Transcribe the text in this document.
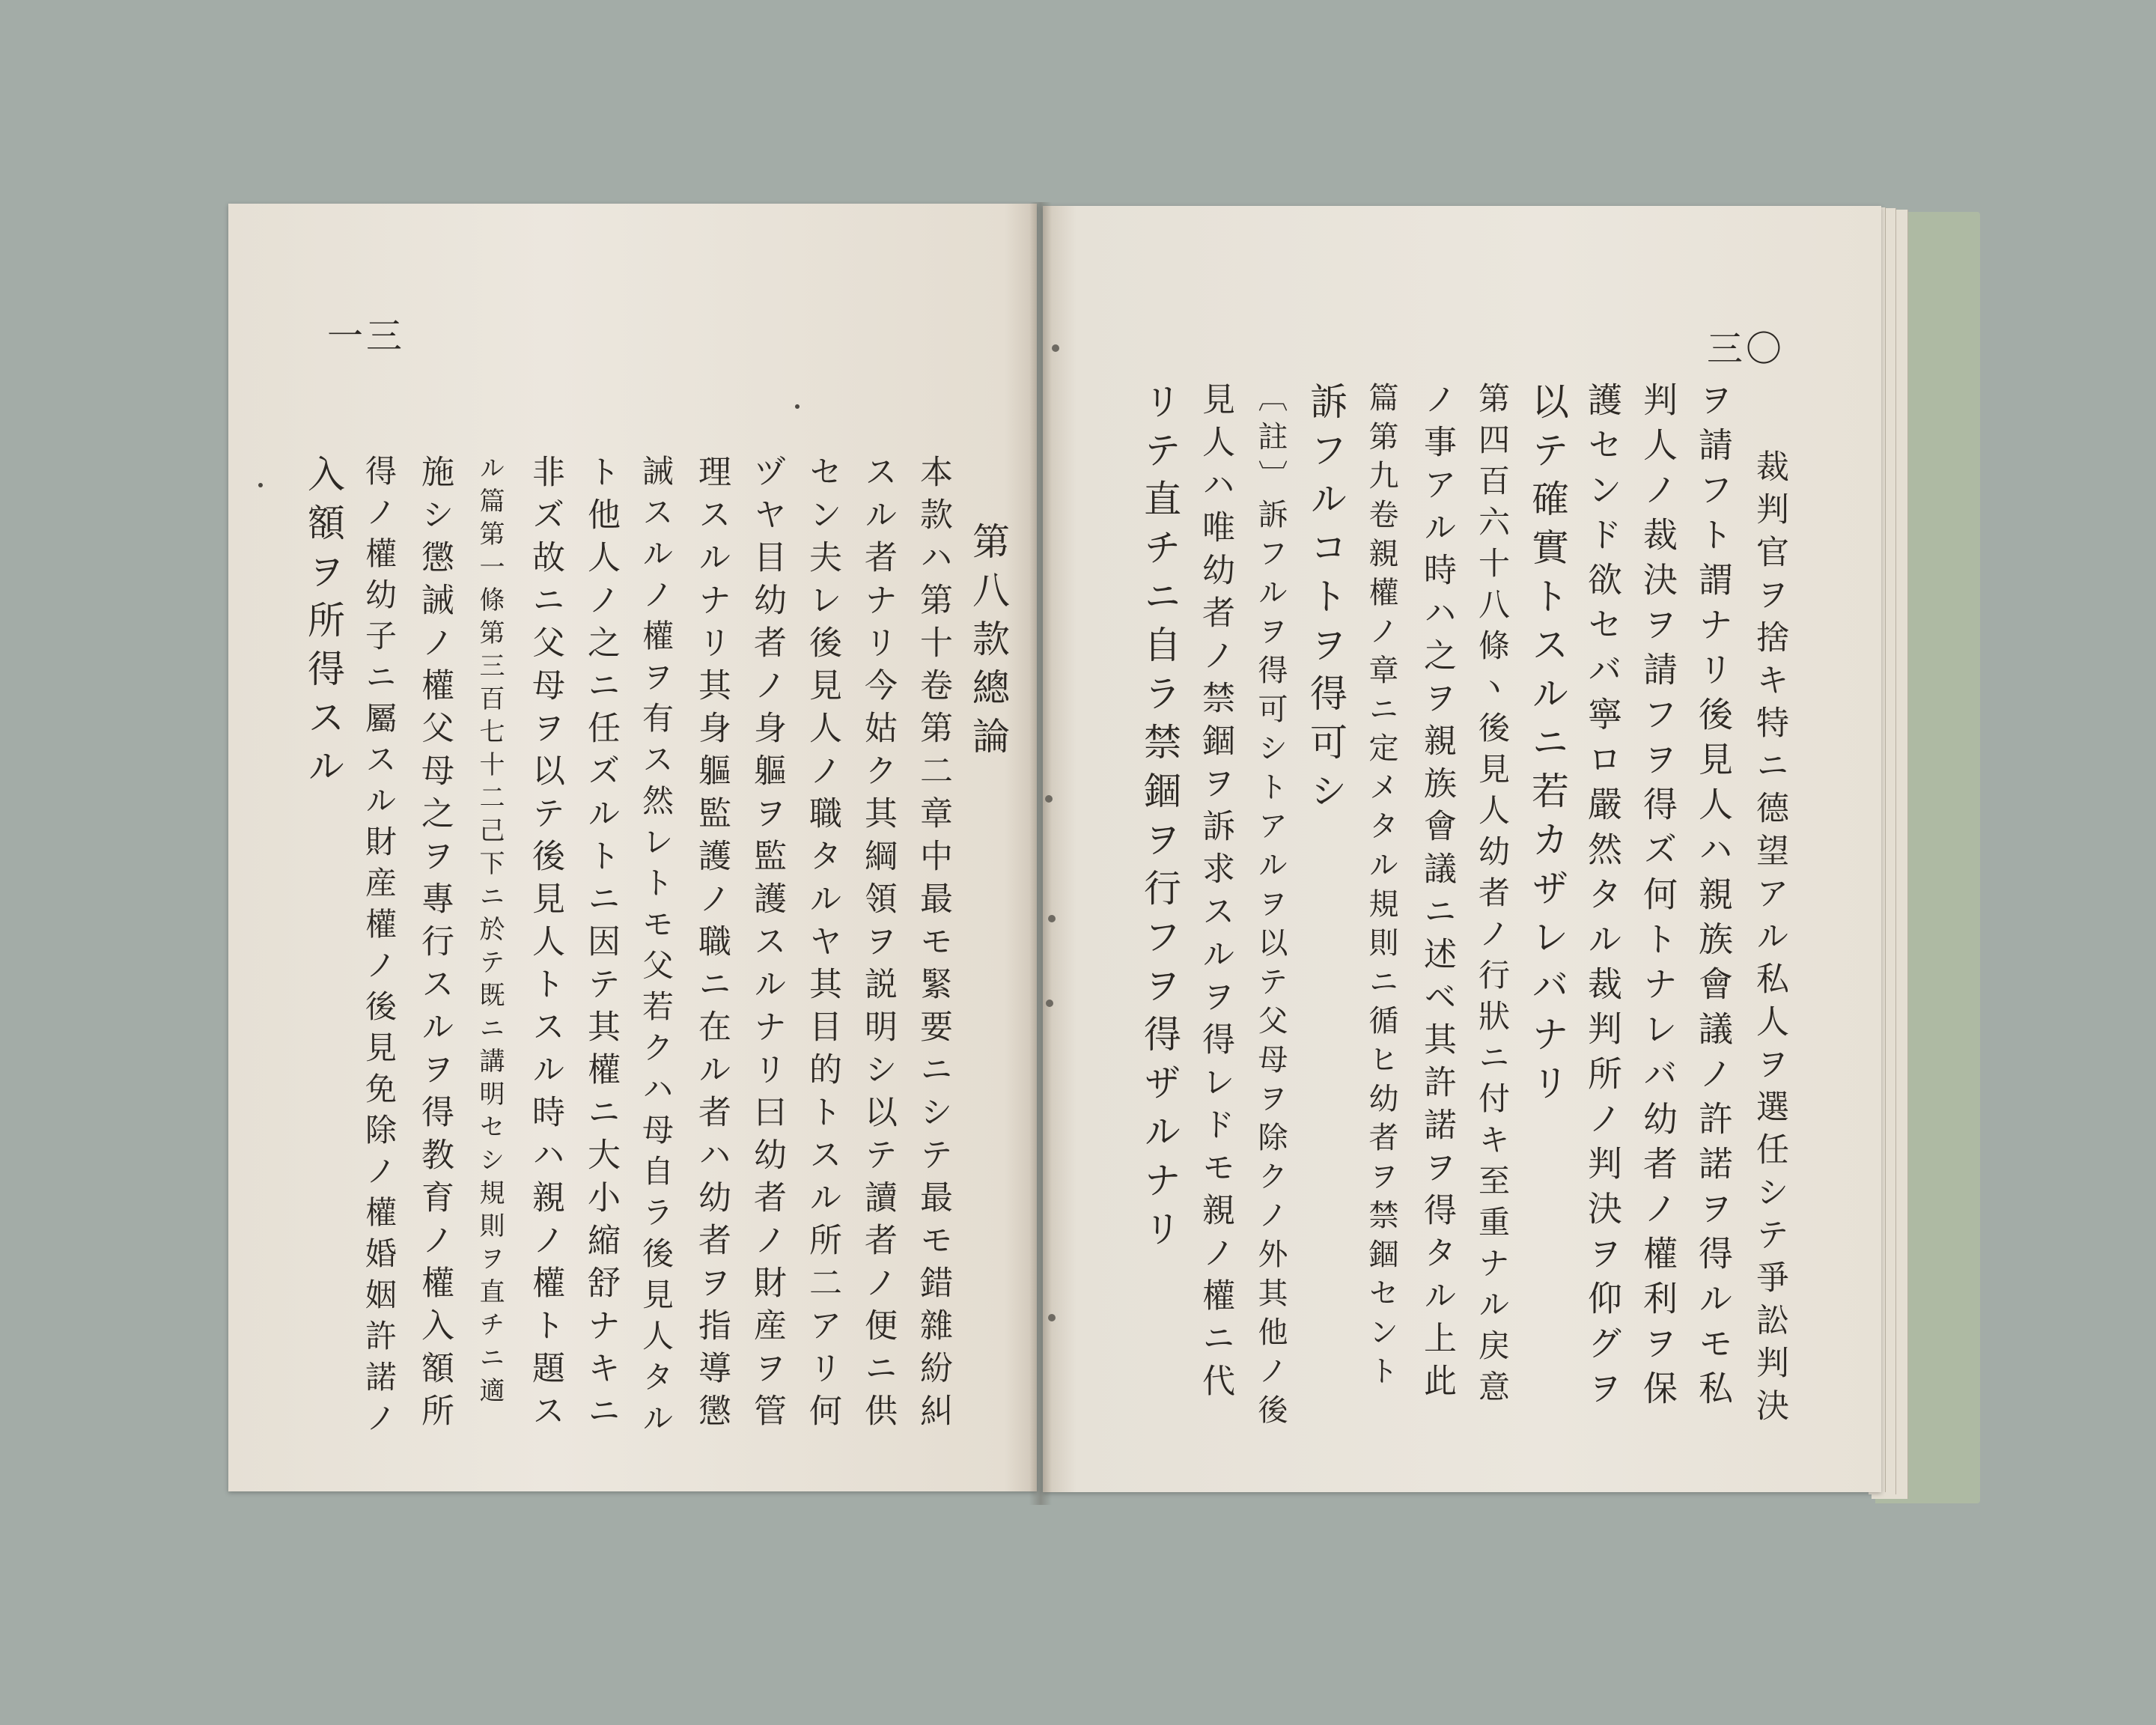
一三
第八款總論
本款ハ第十卷第二章中最モ緊要ニシテ最モ錯雜紛糾
スル者ナリ今姑ク其綱領ヲ説明シ以テ讀者ノ便ニ供
セン夫レ後見人ノ職タルヤ其目的トスル所二アリ何
ヅヤ目幼者ノ身軀ヲ監護スルナリ曰幼者ノ財産ヲ管
理スルナリ其身軀監護ノ職ニ在ル者ハ幼者ヲ指導懲
誡スルノ權ヲ有ス然レトモ父若クハ母自ラ後見人タル
ト他人ノ之ニ任ズルトニ因テ其權ニ大小縮舒ナキニ
非ズ故ニ父母ヲ以テ後見人トスル時ハ親ノ權ト題ス
ル篇第一條第三百七十二己下ニ於テ既ニ講明セシ規則ヲ直チニ適
施シ懲誡ノ權父母之ヲ專行スルヲ得教育ノ權入額所
得ノ權幼子ニ屬スル財産權ノ後見免除ノ權婚姻許諾ノ
入額ヲ所得スル
三〇
裁判官ヲ捨キ特ニ德望アル私人ヲ選任シテ爭訟判決
ヲ請フト謂ナリ後見人ハ親族會議ノ許諾ヲ得ルモ私
判人ノ裁決ヲ請フヲ得ズ何トナレバ幼者ノ權利ヲ保
護センド欲セバ寧ロ嚴然タル裁判所ノ判決ヲ仰グヲ
以テ確實トスルニ若カザレバナリ
第四百六十八條ヽ後見人幼者ノ行狀ニ付キ至重ナル戻意
ノ事アル時ハ之ヲ親族會議ニ述ベ其許諾ヲ得タル上此
篇第九卷親權ノ章ニ定メタル規則ニ循ヒ幼者ヲ禁錮セント
訴フルコトヲ得可シ
〔註〕訴フルヲ得可シトアルヲ以テ父母ヲ除クノ外其他ノ後
見人ハ唯幼者ノ禁錮ヲ訴求スルヲ得レドモ親ノ權ニ代
リテ直チニ自ラ禁錮ヲ行フヲ得ザルナリ
